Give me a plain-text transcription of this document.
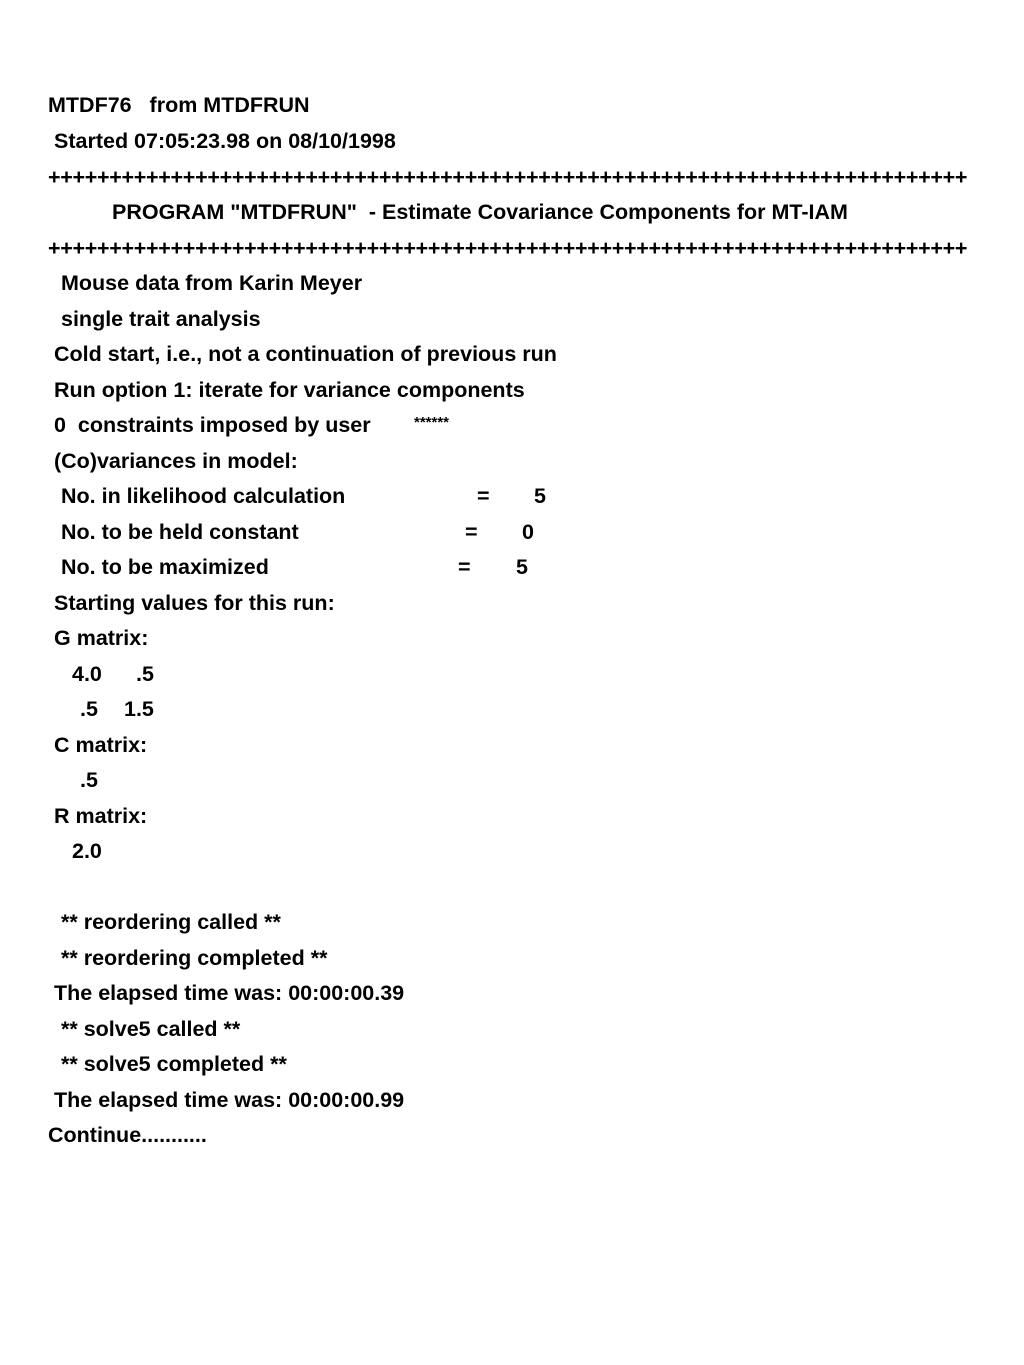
MTDF76   from MTDFRUN
Started 07:05:23.98 on 08/10/1998
+++++++++++++++++++++++++++++++++++++++++++++++++++++++++++++++++++++++++++
PROGRAM "MTDFRUN"  - Estimate Covariance Components for MT-IAM
+++++++++++++++++++++++++++++++++++++++++++++++++++++++++++++++++++++++++++
Mouse data from Karin Meyer
single trait analysis
Cold start, i.e., not a continuation of previous run
Run option 1: iterate for variance components
0  constraints imposed by user	******
(Co)variances in model:
No. in likelihood calculation	= 5
No. to be held constant	= 0
No. to be maximized	= 5
Starting values for this run:
G matrix:
4.0 .5
.5 1.5
C matrix:
.5
R matrix:
2.0
** reordering called **
** reordering completed **
The elapsed time was: 00:00:00.39
** solve5 called **
** solve5 completed **
The elapsed time was: 00:00:00.99
Continue...........
